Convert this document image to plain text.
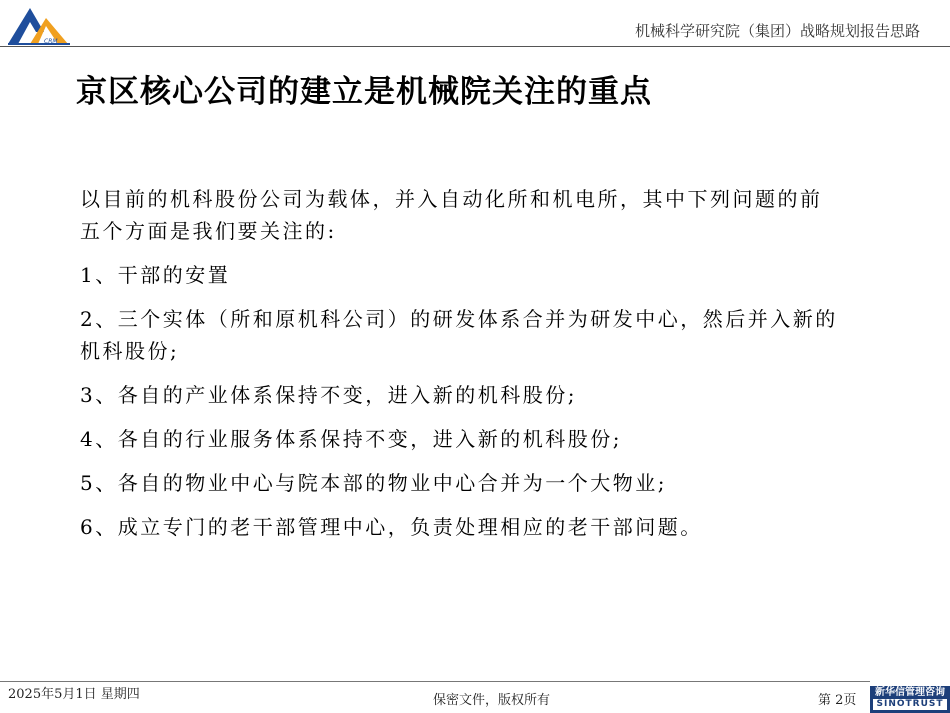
CRM
机械科学研究院（集团）战略规划报告思路
京区核心公司的建立是机械院关注的重点

以目前的机科股份公司为载体，并入自动化所和机电所，其中下列问题的前五个方面是我们要关注的:

1、干部的安置

2、三个实体（所和原机科公司）的研发体系合并为研发中心，然后并入新的机科股份;

3、各自的产业体系保持不变，进入新的机科股份;

4、各自的行业服务体系保持不变，进入新的机科股份;

5、各自的物业中心与院本部的物业中心合并为一个大物业;

6、成立专门的老干部管理中心，负责处理相应的老干部问题。

2025年5月1日 星期四	保密文件，版权所有	第 2页
新华信管理咨询
SINOTRUST
